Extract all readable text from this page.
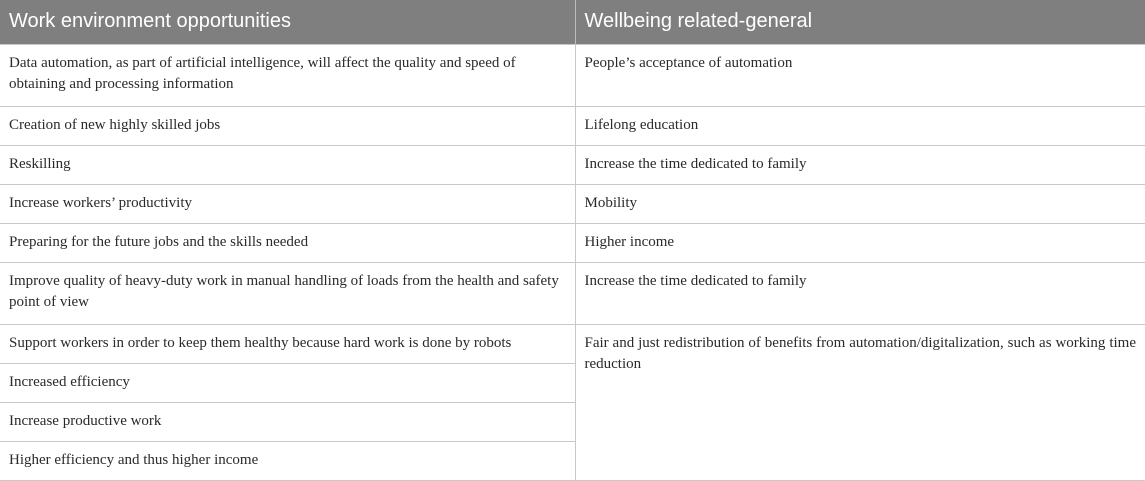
Work environment opportunities	Wellbeing related-general
Data automation, as part of artificial intelligence, will affect the quality and speed of obtaining and processing information	People’s acceptance of automation
Creation of new highly skilled jobs	Lifelong education
Reskilling	Increase the time dedicated to family
Increase workers’ productivity	Mobility
Preparing for the future jobs and the skills needed	Higher income
Improve quality of heavy-duty work in manual handling of loads from the health and safety point of view	Increase the time dedicated to family
Support workers in order to keep them healthy because hard work is done by robots	Fair and just redistribution of benefits from automation/digitalization, such as working time reduction
Increased efficiency	
Increase productive work	
Higher efficiency and thus higher income	
